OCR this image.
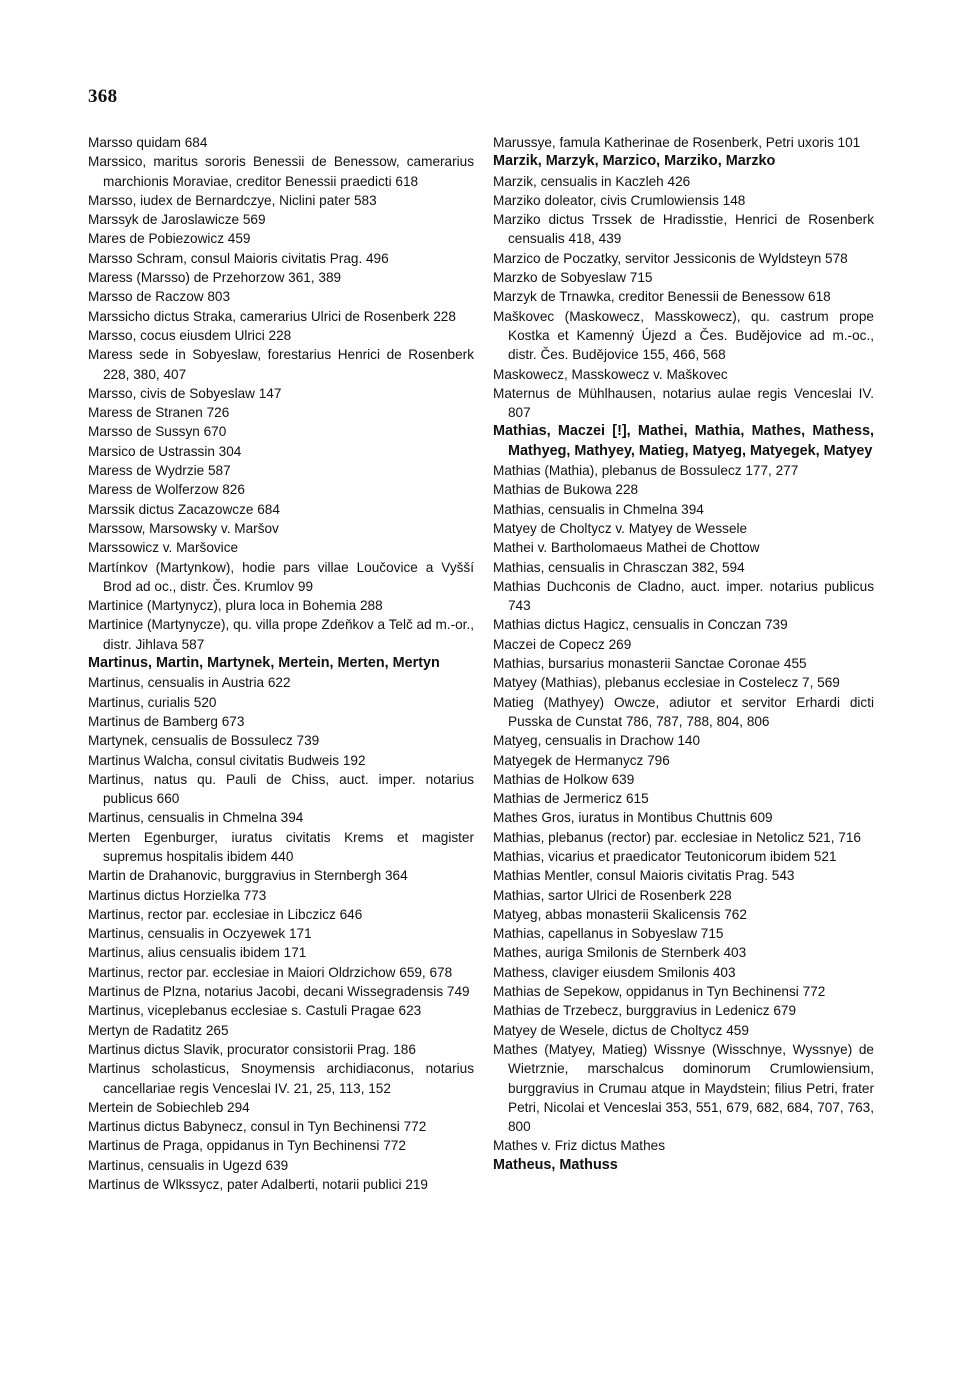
368

Marsso quidam 684

Marssico, maritus sororis Benessii de Benessow, camerarius marchionis Moraviae, creditor Benessii praedicti 618

Marsso, iudex de Bernardczye, Niclini pater 583

Marssyk de Jaroslawicze 569

Mares de Pobiezowicz 459

Marsso Schram, consul Maioris civitatis Prag. 496

Maress (Marsso) de Przehorzow 361, 389

Marsso de Raczow 803

Marssicho dictus Straka, camerarius Ulrici de Rosenberk 228

Marsso, cocus eiusdem Ulrici 228

Maress sede in Sobyeslaw, forestarius Henrici de Rosenberk 228, 380, 407

Marsso, civis de Sobyeslaw 147

Maress de Stranen 726

Marsso de Sussyn 670

Marsico de Ustrassin 304

Maress de Wydrzie 587

Maress de Wolferzow 826

Marssik dictus Zacazowcze 684

Marssow, Marsowsky v. Maršov

Marssowicz v. Maršovice

Martínkov (Martynkow), hodie pars villae Loučovice a Vyšší Brod ad oc., distr. Čes. Krumlov 99

Martinice (Martynycz), plura loca in Bohemia 288

Martinice (Martynycze), qu. villa prope Zdeňkov a Telč ad m.-or., distr. Jihlava 587

Martinus, Martin, Martynek, Mertein, Merten, Mertyn

Martinus, censualis in Austria 622

Martinus, curialis 520

Martinus de Bamberg 673

Martynek, censualis de Bossulecz 739

Martinus Walcha, consul civitatis Budweis 192

Martinus, natus qu. Pauli de Chiss, auct. imper. notarius publicus 660

Martinus, censualis in Chmelna 394

Merten Egenburger, iuratus civitatis Krems et magister supremus hospitalis ibidem 440

Martin de Drahanovic, burggravius in Sternbergh 364

Martinus dictus Horzielka 773

Martinus, rector par. ecclesiae in Libczicz 646

Martinus, censualis in Oczyewek 171

Martinus, alius censualis ibidem 171

Martinus, rector par. ecclesiae in Maiori Oldrzichow 659, 678

Martinus de Plzna, notarius Jacobi, decani Wissegradensis 749

Martinus, viceplebanus ecclesiae s. Castuli Pragae 623

Mertyn de Radatitz 265

Martinus dictus Slavik, procurator consistorii Prag. 186

Martinus scholasticus, Snoymensis archidiaconus, notarius cancellariae regis Venceslai IV. 21, 25, 113, 152

Mertein de Sobiechleb 294

Martinus dictus Babynecz, consul in Tyn Bechinensi 772

Martinus de Praga, oppidanus in Tyn Bechinensi 772

Martinus, censualis in Ugezd 639

Martinus de Wlkssycz, pater Adalberti, notarii publici 219

Marussye, famula Katherinae de Rosenberk, Petri uxoris 101

Marzik, Marzyk, Marzico, Marziko, Marzko

Marzik, censualis in Kaczleh 426

Marziko doleator, civis Crumlowiensis 148

Marziko dictus Trssek de Hradisstie, Henrici de Rosenberk censualis 418, 439

Marzico de Poczatky, servitor Jessiconis de Wyldsteyn 578

Marzko de Sobyeslaw 715

Marzyk de Trnawka, creditor Benessii de Benessow 618

Maškovec (Maskowecz, Masskowecz), qu. castrum prope Kostka et Kamenný Újezd a Čes. Budějovice ad m.-oc., distr. Čes. Budějovice 155, 466, 568

Maskowecz, Masskowecz v. Maškovec

Maternus de Mühlhausen, notarius aulae regis Venceslai IV. 807

Mathias, Maczei [!], Mathei, Mathia, Mathes, Mathess, Mathyeg, Mathyey, Matieg, Matyeg, Matyegek, Matyey

Mathias (Mathia), plebanus de Bossulecz 177, 277

Mathias de Bukowa 228

Mathias, censualis in Chmelna 394

Matyey de Choltycz v. Matyey de Wessele

Mathei v. Bartholomaeus Mathei de Chottow

Mathias, censualis in Chrasczan 382, 594

Mathias Duchconis de Cladno, auct. imper. notarius publicus 743

Mathias dictus Hagicz, censualis in Conczan 739

Maczei de Copecz 269

Mathias, bursarius monasterii Sanctae Coronae 455

Matyey (Mathias), plebanus ecclesiae in Costelecz 7, 569

Matieg (Mathyey) Owcze, adiutor et servitor Erhardi dicti Pusska de Cunstat 786, 787, 788, 804, 806

Matyeg, censualis in Drachow 140

Matyegek de Hermanycz 796

Mathias de Holkow 639

Mathias de Jermericz 615

Mathes Gros, iuratus in Montibus Chuttnis 609

Mathias, plebanus (rector) par. ecclesiae in Netolicz 521, 716

Mathias, vicarius et praedicator Teutonicorum ibidem 521

Mathias Mentler, consul Maioris civitatis Prag. 543

Mathias, sartor Ulrici de Rosenberk 228

Matyeg, abbas monasterii Skalicensis 762

Mathias, capellanus in Sobyeslaw 715

Mathes, auriga Smilonis de Sternberk 403

Mathess, claviger eiusdem Smilonis 403

Mathias de Sepekow, oppidanus in Tyn Bechinensi 772

Mathias de Trzebecz, burggravius in Ledenicz 679

Matyey de Wesele, dictus de Choltycz 459

Mathes (Matyey, Matieg) Wissnye (Wisschnye, Wyssnye) de Wietrznie, marschalcus dominorum Crumlowiensium, burggravius in Crumau atque in Maydstein; filius Petri, frater Petri, Nicolai et Venceslai 353, 551, 679, 682, 684, 707, 763, 800

Mathes v. Friz dictus Mathes

Matheus, Mathuss
